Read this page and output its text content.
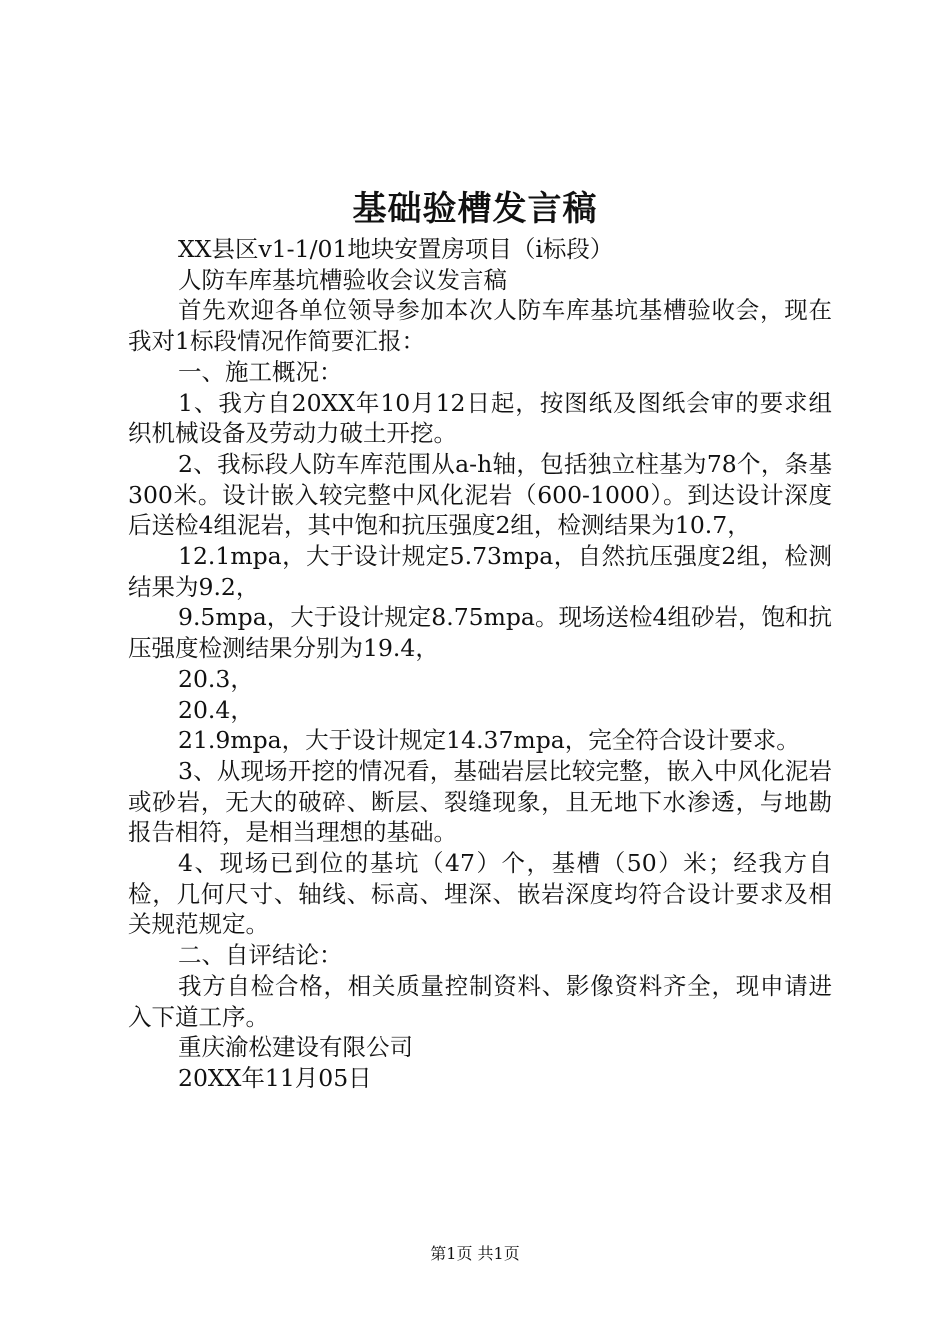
基础验槽发言稿

XX县区v1-1/01地块安置房项目（i标段）

人防车库基坑槽验收会议发言稿

首先欢迎各单位领导参加本次人防车库基坑基槽验收会，现在我对1标段情况作简要汇报：

一、施工概况：

1、我方自20XX年10月12日起，按图纸及图纸会审的要求组织机械设备及劳动力破土开挖。

2、我标段人防车库范围从a-h轴，包括独立柱基为78个，条基300米。设计嵌入较完整中风化泥岩（600-1000）。到达设计深度后送检4组泥岩，其中饱和抗压强度2组，检测结果为10.7，

12.1mpa，大于设计规定5.73mpa，自然抗压强度2组，检测结果为9.2，

9.5mpa，大于设计规定8.75mpa。现场送检4组砂岩，饱和抗压强度检测结果分别为19.4，

20.3，

20.4，

21.9mpa，大于设计规定14.37mpa，完全符合设计要求。

3、从现场开挖的情况看，基础岩层比较完整，嵌入中风化泥岩或砂岩，无大的破碎、断层、裂缝现象，且无地下水渗透，与地勘报告相符，是相当理想的基础。

4、现场已到位的基坑（47）个，基槽（50）米；经我方自检，几何尺寸、轴线、标高、埋深、嵌岩深度均符合设计要求及相关规范规定。

二、自评结论：

我方自检合格，相关质量控制资料、影像资料齐全，现申请进入下道工序。

重庆渝松建设有限公司

20XX年11月05日

第1页 共1页
